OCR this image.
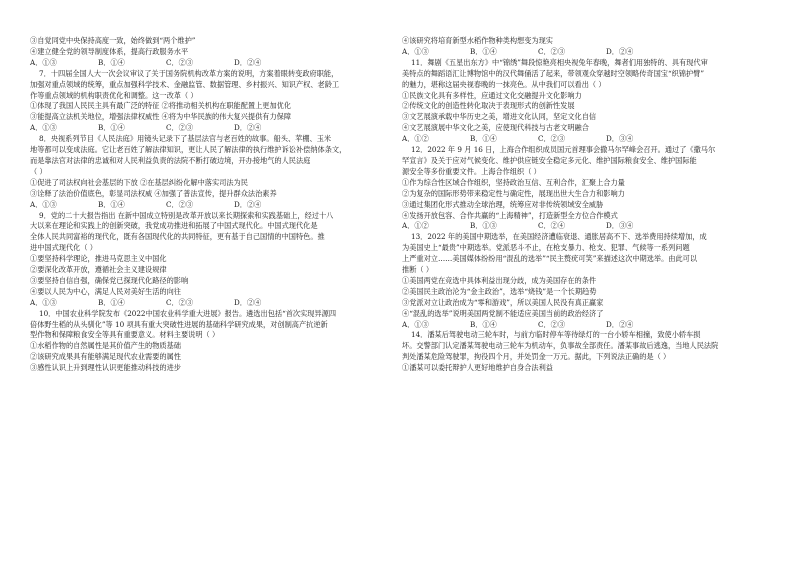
③自觉同党中央保持高度一致，始终做到“两个维护”
④建立健全党的领导制度体系，提高行政服务水平
A．①③	B．①④	C．②③	D．②④
7．十四届全国人大一次会议审议了关于国务院机构改革方案的说明，方案着眼转变政府职能，
加强对重点领域的统筹，重点加强科学技术、金融监管、数据管理、乡村振兴、知识产权、老龄工
作等重点领域的机构职责优化和调整。这一改革（ ）
①体现了我国人民民主具有最广泛的特征 ②将推动相关机构在职能配置上更加优化
③能提高立法机关地位，增强法律权威性 ④将为中华民族的伟大复兴提供有力保障
A．①③	B．①④	C．②③	D．②④
8．央视系列节目《人民法庭》用镜头记录下了基层法官与老百姓的故事。船头、苹棚、玉米
地等都可以变成法庭。它让老百姓了解法律知识，更让人民了解法律的执行维护诉讼补偿纳体条文，
而是靠法官对法律的忠诚和对人民利益负责的法院不断打破边境，开办接地气的人民法庭
（ ）
①促进了司法权向社会基层的下放 ②在基层纠纷化解中落实司法为民
③诠释了法治价值底色，彰显司法权威 ④加强了普法宣传，提升群众法治素养
A．①③	B．①④	C．②③	D．②④
9．党的二十大报告指出 在新中国成立特别是改革开放以来长期探索和实践基础上，经过十八
大以来在理论和实践上的创新突破，我党成功推进和拓展了中国式现代化。中国式现代化是
全体人民共同富裕的现代化，既有各国现代化的共同特征，更有基于自己国情的中国特色。推
进中国式现代化（ ）
①要坚持科学理论，推进马克思主义中国化
②要深化改革开放，遵循社会主义建设规律
③要坚持自信自强，确保党已探现代化路径的影响
④要以人民为中心，满足人民对美好生活的向往
A．①③	B．①④	C．②③	D．②④
10．中国农业科学院发布《2022中国农业科学重大进展》报告。遴选出包括“首次实现异源四
倍体野生稻的从头驯化”等 10 项具有重大突破性进展的基础科学研究成果，对创制高产抗逆新
型作物和保障粮食安全等具有重要意义。材料主要说明（ ）
①水稻作物的自然属性是其价值产生的物质基础
②该研究成果具有能够满足现代农业需要的属性
③感性认识上升到理性认识更能推动科技的进步
④该研究将培育新型水稻作物种类构想变为现实
A．①③	B．①④	C．②③	D．②④
11．舞剧《五星出东方》中“锦绣”舞段惊艳亮相央视兔年春晚，舞者们用独特的、具有现代审
美特点的舞蹈语汇让博物馆中的汉代舞俑活了起来，带领观众穿越时空领略传奇国宝“织锦护臂”
的魅力，堪称这届央视春晚的一抹亮色。从中我们可以看出（ ）
①民族文化具有多样性，应通过文化交融提升文化影响力
②传统文化的创造性转化取决于表现形式的创新性发展
③文艺展演承载中华历史之美，增进文化认同，坚定文化自信
④文艺展演展中华文化之美，应使现代科技与古老文明融合
A．①②	B．①④	C．②③	D．③④
12．2022 年 9 月 16 日，上海合作组织成员国元首理事会撒马尔罕峰会召开。通过了《撒马尔
罕宣言》及关于应对气候变化、维护供应链安全稳定多元化、维护国际粮食安全、维护国际能
源安全等多份重要文件。上海合作组织（ ）
①作为综合性区域合作组织，坚持政治互信、互利合作，汇聚上合力量
②为复杂的国际形势带来稳定性与确定性，展现出世大生合力和影响力
③通过集团化形式推动全球治理，统筹应对非传统领域安全威胁
④发扬开放包容、合作共赢的“上海精神”，打造新型全方位合作模式
A．①②	B．①③	C．②④	D．③④
13．2022 年的美国中期选举，在美国经济遭临衰退、通胀居高不下、选举费用持续增加，成
为美国史上“最贵”中期选举。党派恶斗不止，在枪支暴力、枪支、犯罪、气候等一系列问题
上严重对立……美国媒体纷纷用“混乱的选举”“民主赘疣可笑”来描述这次中期选举。由此可以
推断（ ）
①美国两党在竞选中具体利益出现分歧，成为美国存在的条件
②美国民主政治沦为“金主政治”，选举“烧钱”是一个长期趋势
③党派对立让政治成为“零和游戏”，所以美国人民没有真正赢家
④“混乱的选举”说明美国两党制不能适应美国当前的政治经济了
A．①③	B．①④	C．②③	D．②④
14．潘某后驾驶电动三轮车时，与前方临时停车等待绿灯的一台小轿车相撞，致使小轿车损
坏。交警部门认定潘某驾驶电动三轮车为机动车，负事故全部责任。潘某事故后逃逸，当地人民法院
判处潘某危险驾驶罪，拘役四个月，并处罚金一万元。据此，下列说法正确的是（ ）
①潘某可以委托辩护人更好地维护自身合法利益
